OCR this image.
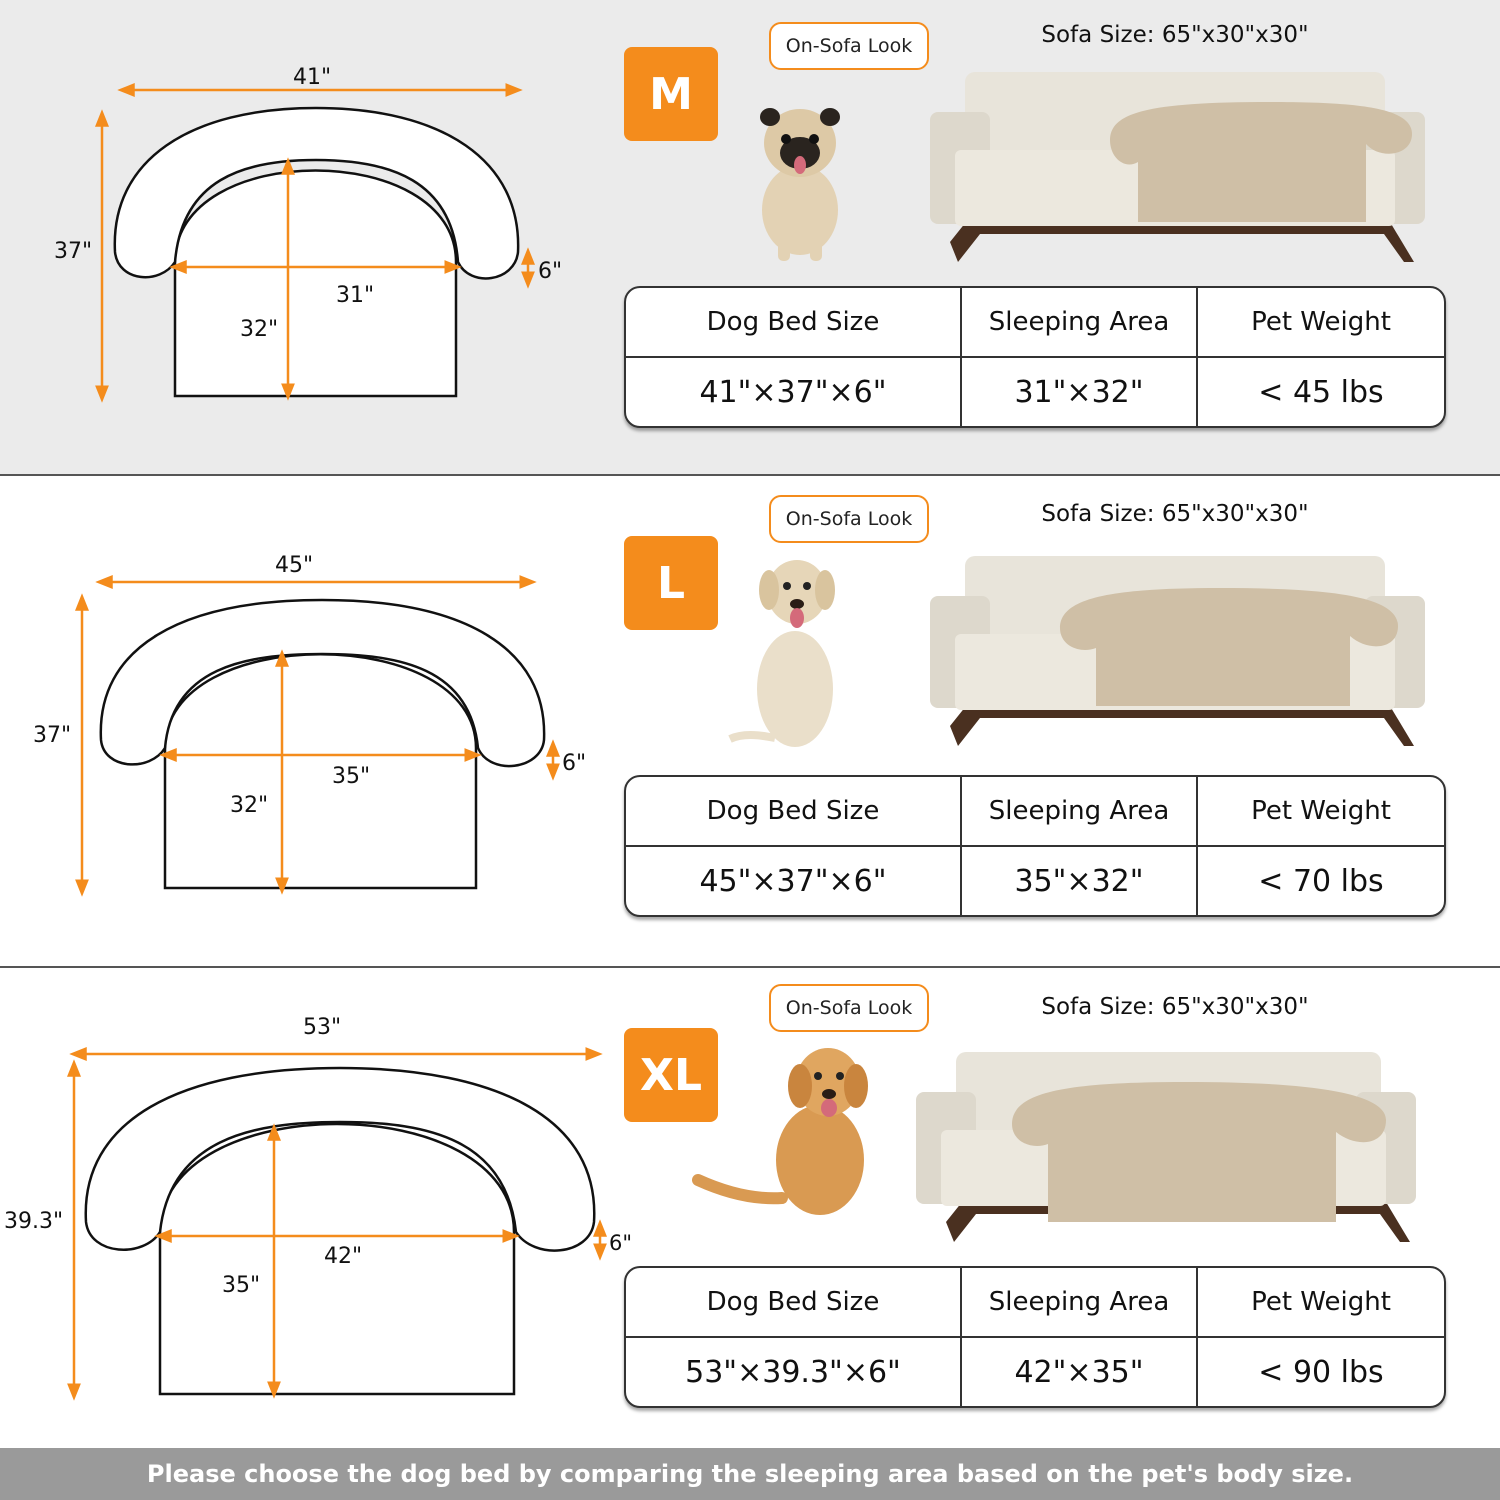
41"
37"
6"
31"
32"
M
On-Sofa Look	Sofa Size: 65"x30"x30"
Dog Bed Size	Sleeping Area	Pet Weight
41"×37"×6"	31"×32"	< 45 lbs
45"
37"
6"
35"
32"
L
On-Sofa Look	Sofa Size: 65"x30"x30"
Dog Bed Size	Sleeping Area	Pet Weight
45"×37"×6"	35"×32"	< 70 lbs
53"
39.3"
6"
42"
35"
XL
On-Sofa Look	Sofa Size: 65"x30"x30"
Dog Bed Size	Sleeping Area	Pet Weight
53"×39.3"×6"	42"×35"	< 90 lbs
Please choose the dog bed by comparing the sleeping area based on the pet's body size.
